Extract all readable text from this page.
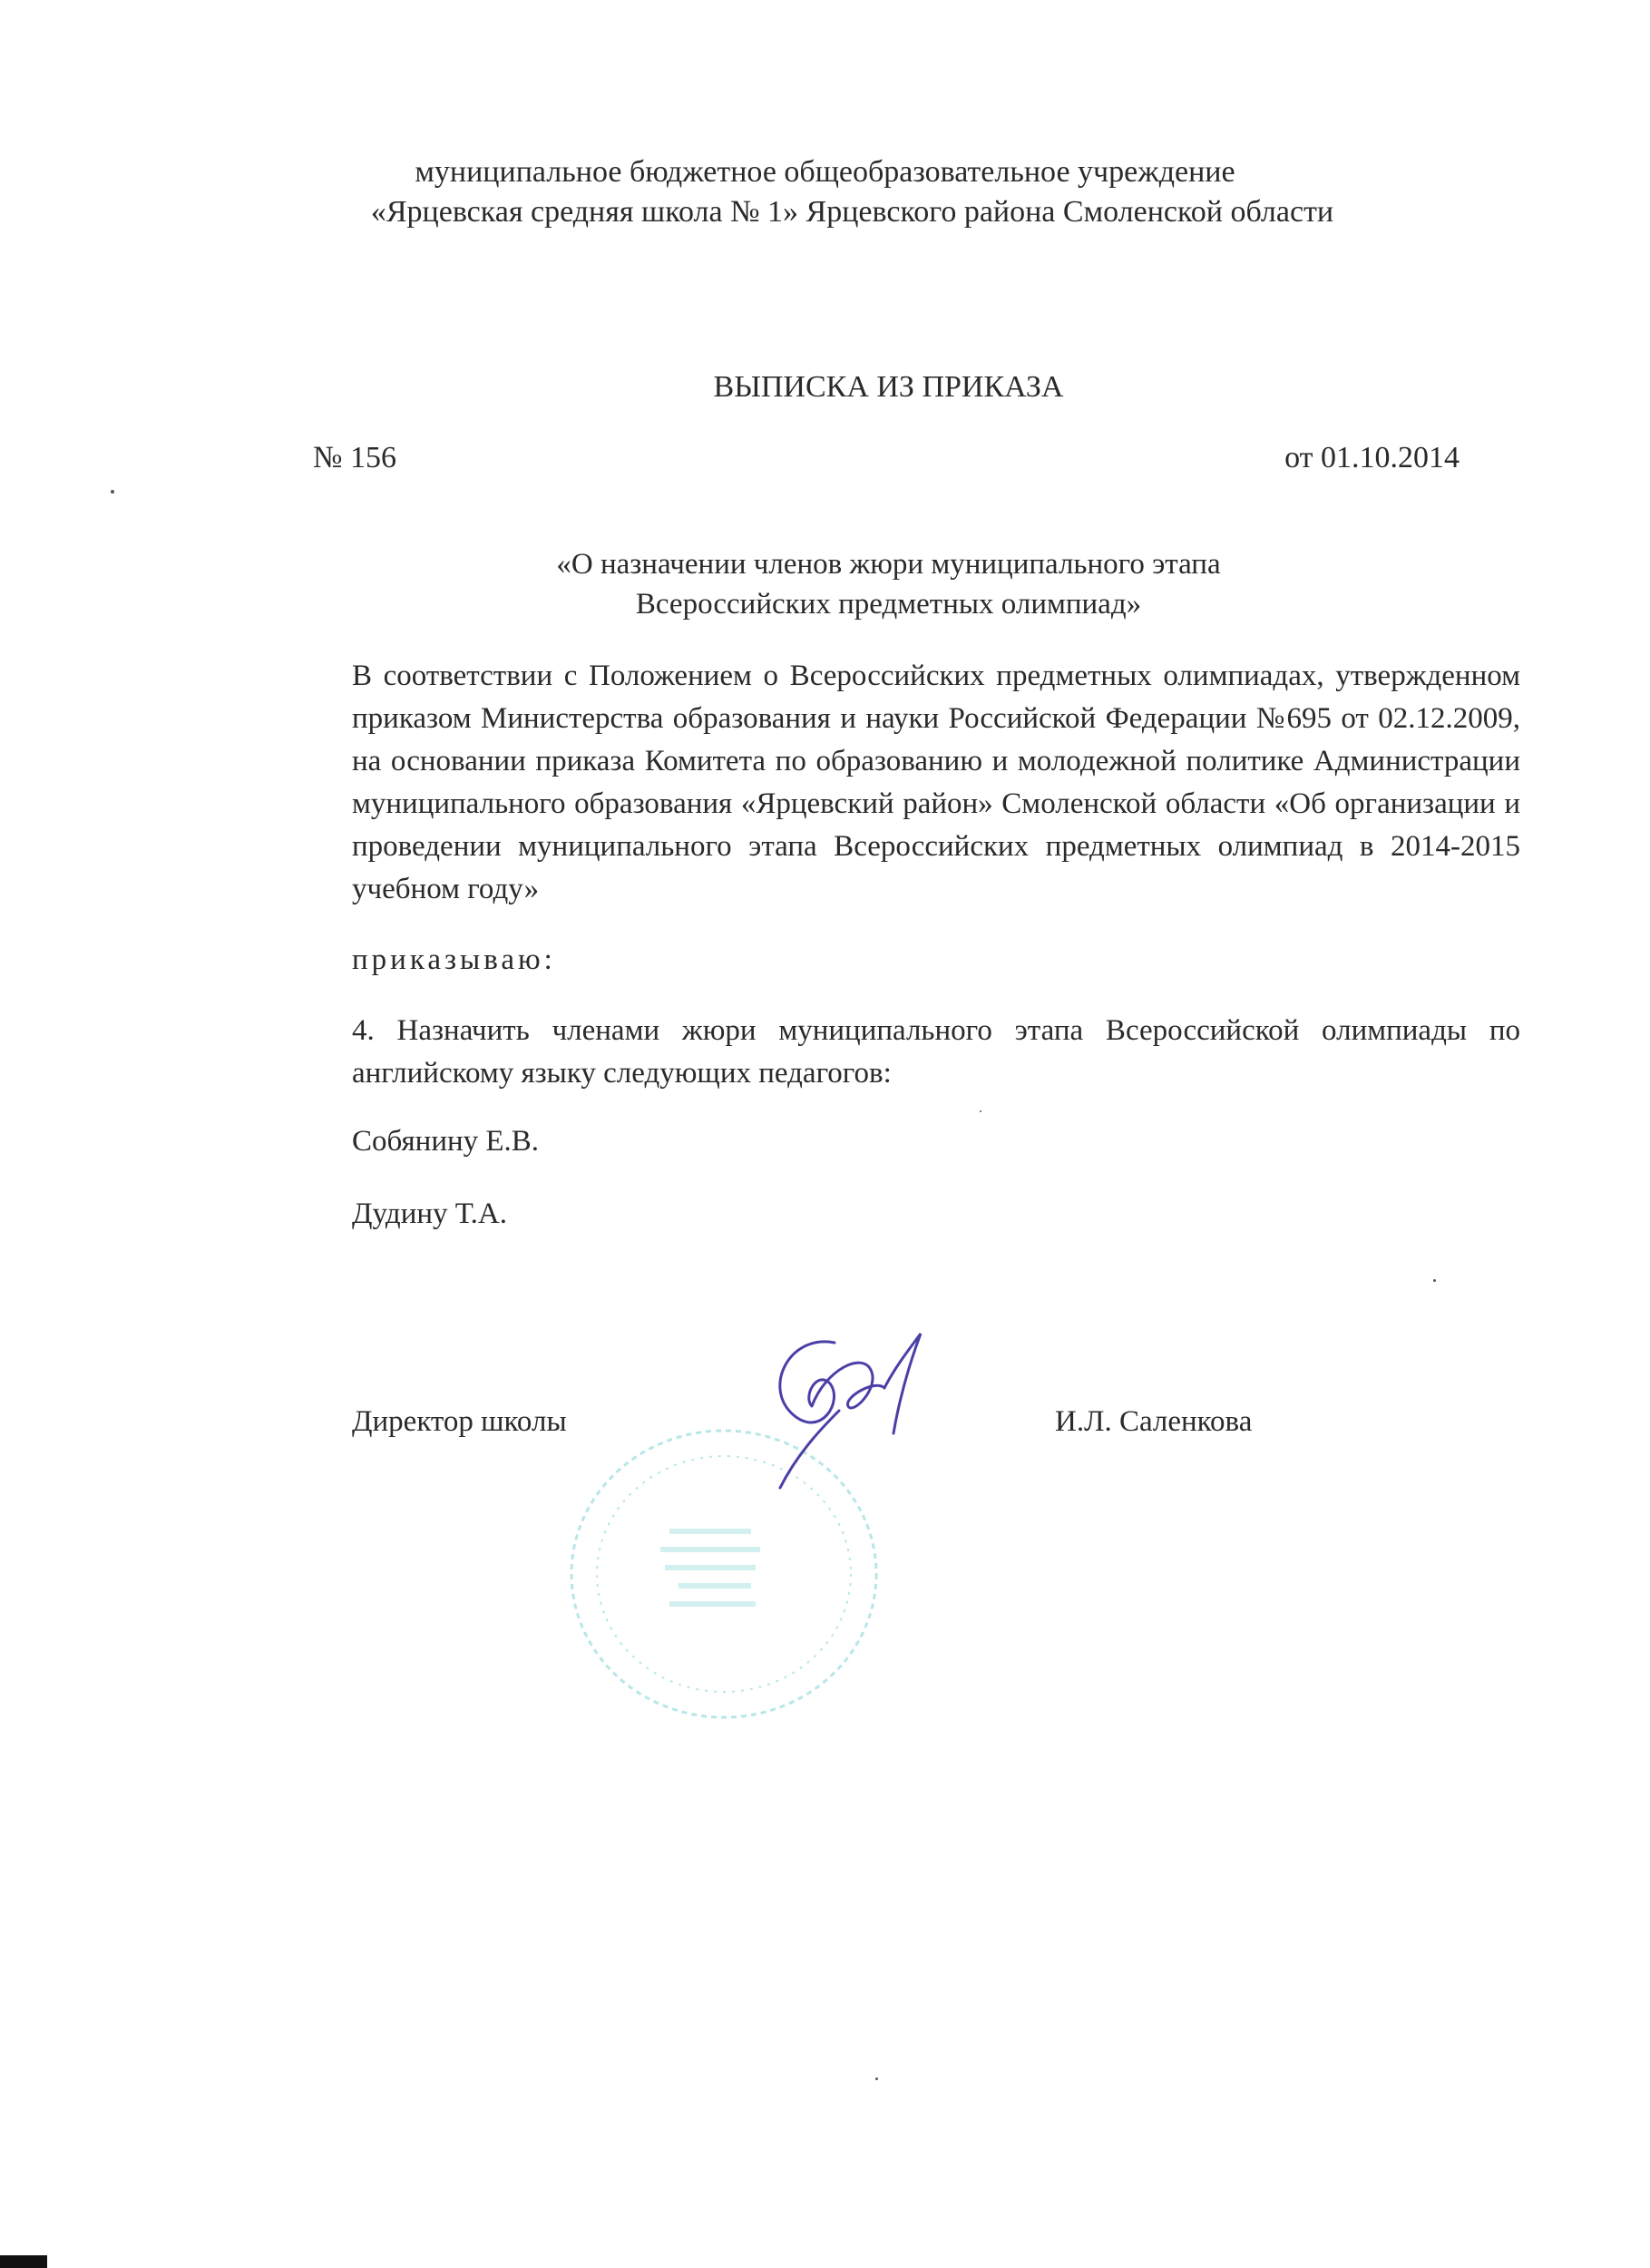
муниципальное бюджетное общеобразовательное учреждение
«Ярцевская средняя школа № 1» Ярцевского района Смоленской области
ВЫПИСКА ИЗ ПРИКАЗА
№ 156	от 01.10.2014
«О назначении членов жюри муниципального этапа
Всероссийских предметных олимпиад»

В соответствии с Положением о Всероссийских предметных олимпиадах, утвержденном приказом Министерства образования и науки Российской Федерации №695 от 02.12.2009, на основании приказа Комитета по образованию и молодежной политике Администрации муниципального образования «Ярцевский район» Смоленской области «Об организации и проведении муниципального этапа Всероссийских предметных олимпиад в 2014-2015 учебном году»

приказываю:
4. Назначить членами жюри муниципального этапа Всероссийской олимпиады по английскому языку следующих педагогов:
Собянину Е.В.
Дудину Т.А.
Директор школы	И.Л. Саленкова
